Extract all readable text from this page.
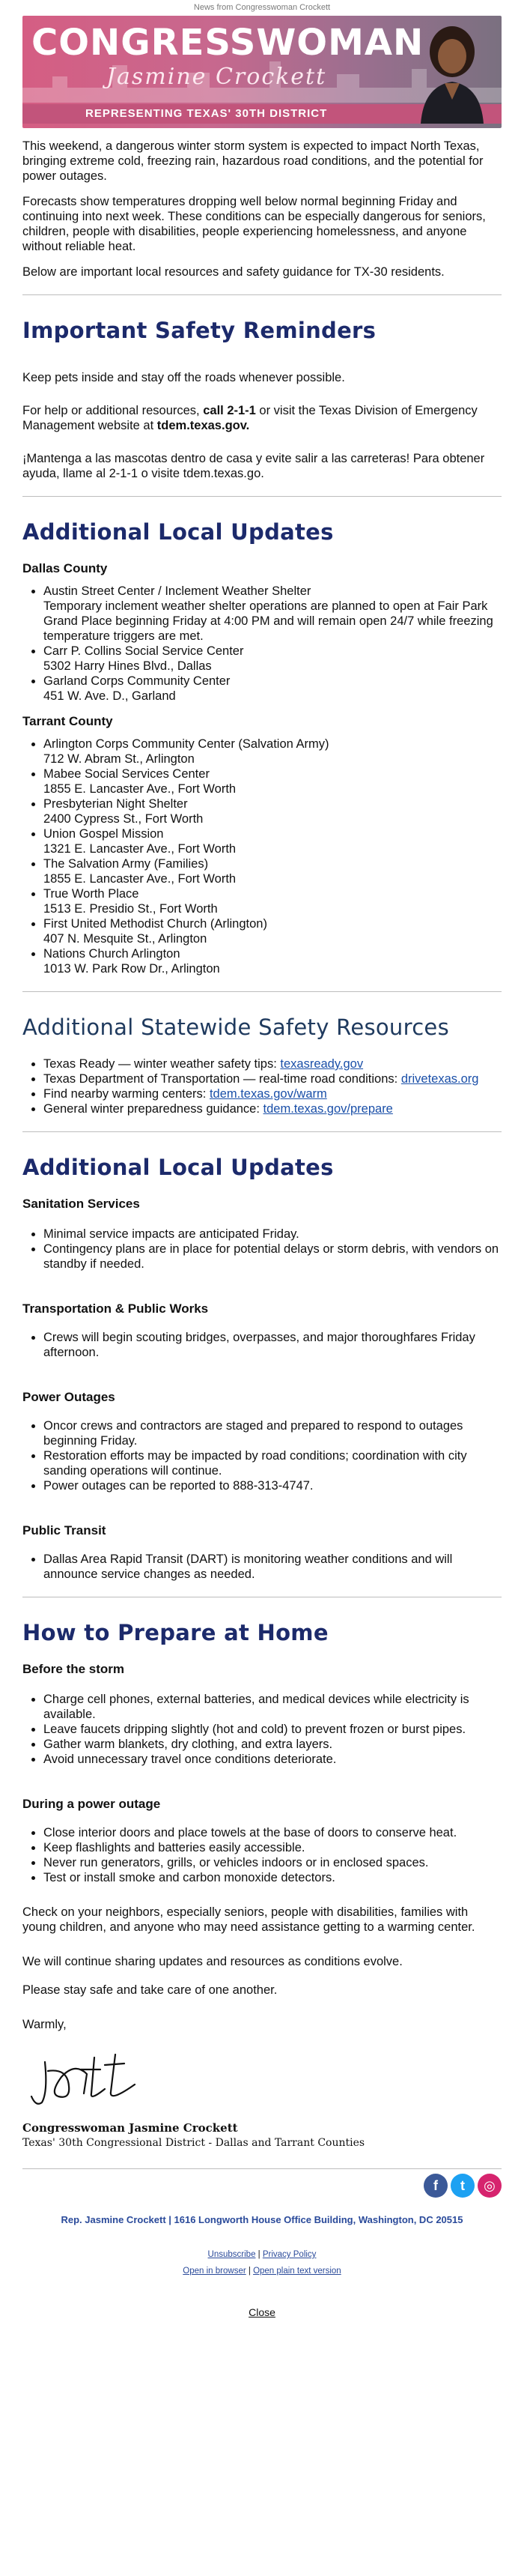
News from Congresswoman Crockett
CONGRESSWOMAN
Jasmine Crockett
REPRESENTING TEXAS' 30TH DISTRICT

This weekend, a dangerous winter storm system is expected to impact North Texas, bringing extreme cold, freezing rain, hazardous road conditions, and the potential for power outages.

Forecasts show temperatures dropping well below normal beginning Friday and continuing into next week. These conditions can be especially dangerous for seniors, children, people with disabilities, people experiencing homelessness, and anyone without reliable heat.

Below are important local resources and safety guidance for TX-30 residents.

Important Safety Reminders

Keep pets inside and stay off the roads whenever possible.

For help or additional resources, call 2-1-1 or visit the Texas Division of Emergency Management website at tdem.texas.gov.

¡Mantenga a las mascotas dentro de casa y evite salir a las carreteras! Para obtener ayuda, llame al 2-1-1 o visite tdem.texas.go.

Additional Local Updates
Dallas County
• Austin Street Center / Inclement Weather Shelter
Temporary inclement weather shelter operations are planned to open at Fair Park Grand Place beginning Friday at 4:00 PM and will remain open 24/7 while freezing temperature triggers are met.
• Carr P. Collins Social Service Center
5302 Harry Hines Blvd., Dallas
• Garland Corps Community Center
451 W. Ave. D., Garland
Tarrant County
• Arlington Corps Community Center (Salvation Army)
712 W. Abram St., Arlington
• Mabee Social Services Center
1855 E. Lancaster Ave., Fort Worth
• Presbyterian Night Shelter
2400 Cypress St., Fort Worth
• Union Gospel Mission
1321 E. Lancaster Ave., Fort Worth
• The Salvation Army (Families)
1855 E. Lancaster Ave., Fort Worth
• True Worth Place
1513 E. Presidio St., Fort Worth
• First United Methodist Church (Arlington)
407 N. Mesquite St., Arlington
• Nations Church Arlington
1013 W. Park Row Dr., Arlington
Additional Statewide Safety Resources
• Texas Ready — winter weather safety tips: texasready.gov
• Texas Department of Transportation — real-time road conditions: drivetexas.org
• Find nearby warming centers: tdem.texas.gov/warm
• General winter preparedness guidance: tdem.texas.gov/prepare
Additional Local Updates
Sanitation Services
• Minimal service impacts are anticipated Friday.
• Contingency plans are in place for potential delays or storm debris, with vendors on standby if needed.
Transportation & Public Works
• Crews will begin scouting bridges, overpasses, and major thoroughfares Friday afternoon.
Power Outages
• Oncor crews and contractors are staged and prepared to respond to outages beginning Friday.
• Restoration efforts may be impacted by road conditions; coordination with city sanding operations will continue.
• Power outages can be reported to 888-313-4747.
Public Transit
• Dallas Area Rapid Transit (DART) is monitoring weather conditions and will announce service changes as needed.
How to Prepare at Home
Before the storm
• Charge cell phones, external batteries, and medical devices while electricity is available.
• Leave faucets dripping slightly (hot and cold) to prevent frozen or burst pipes.
• Gather warm blankets, dry clothing, and extra layers.
• Avoid unnecessary travel once conditions deteriorate.
During a power outage
• Close interior doors and place towels at the base of doors to conserve heat.
• Keep flashlights and batteries easily accessible.
• Never run generators, grills, or vehicles indoors or in enclosed spaces.
• Test or install smoke and carbon monoxide detectors.

Check on your neighbors, especially seniors, people with disabilities, families with young children, and anyone who may need assistance getting to a warming center.

We will continue sharing updates and resources as conditions evolve.

Please stay safe and take care of one another.

Warmly,

Congresswoman Jasmine Crockett

Texas' 30th Congressional District - Dallas and Tarrant Counties

f t ◎
Rep. Jasmine Crockett | 1616 Longworth House Office Building, Washington, DC 20515
Unsubscribe | Privacy Policy
Open in browser | Open plain text version
Close
